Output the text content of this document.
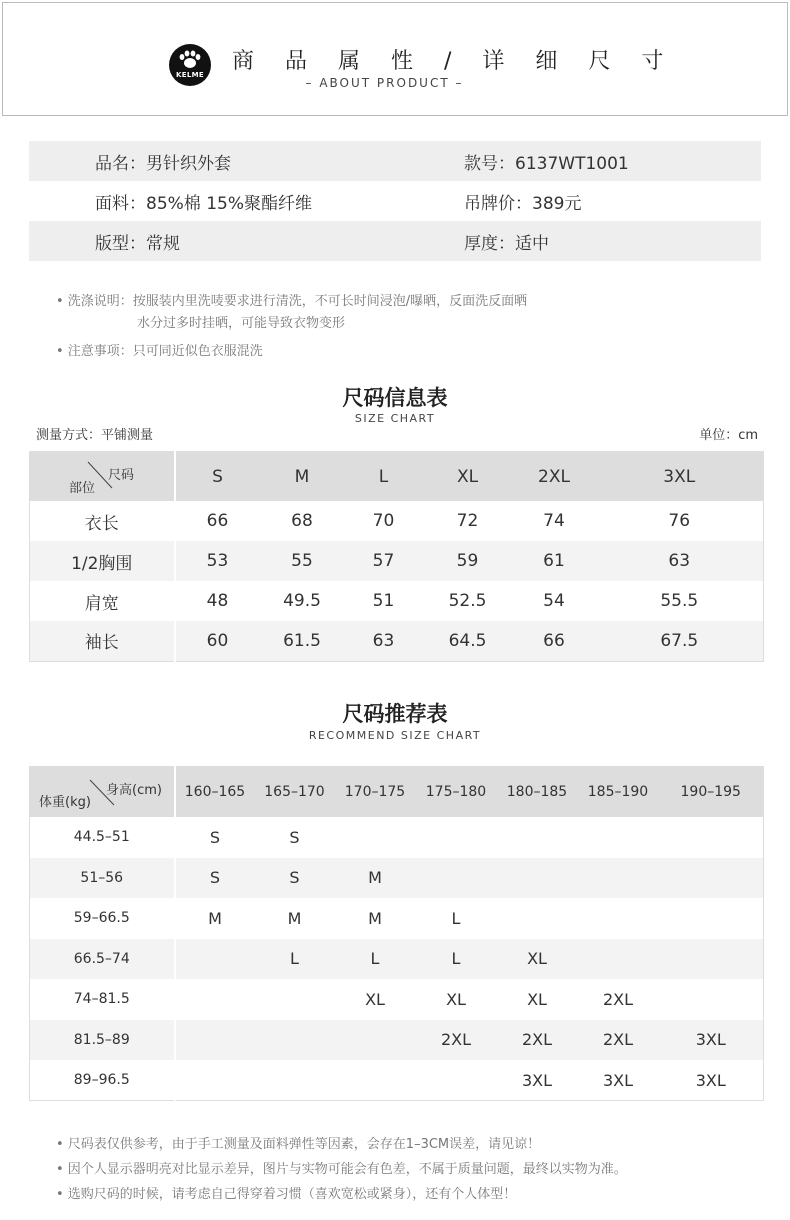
KELME
商 品 属 性 / 详 细 尺 寸
– ABOUT PRODUCT –
品名：男针织外套	款号：6137WT1001
面料：85%棉 15%聚酯纤维	吊牌价：389元
版型：常规	厚度：适中
• 洗涤说明：按服装内里洗唛要求进行清洗，不可长时间浸泡/曝晒，反面洗反面晒
水分过多时挂晒，可能导致衣物变形
• 注意事项：只可同近似色衣服混洗
尺码信息表
SIZE CHART
测量方式：平铺测量	单位：cm
尺码
部位	S	M	L	XL	2XL	3XL
衣长	66	68	70	72	74	76
1/2胸围	53	55	57	59	61	63
肩宽	48	49.5	51	52.5	54	55.5
袖长	60	61.5	63	64.5	66	67.5
尺码推荐表
RECOMMEND SIZE CHART
身高(cm)
体重(kg)	160–165	165–170	170–175	175–180	180–185	185–190	190–195
44.5–51	S	S					
51–56	S	S	M				
59–66.5	M	M	M	L			
66.5–74		L	L	L	XL		
74–81.5			XL	XL	XL	2XL	
81.5–89				2XL	2XL	2XL	3XL
89–96.5					3XL	3XL	3XL
• 尺码表仅供参考，由于手工测量及面料弹性等因素，会存在1–3CM误差，请见谅！
• 因个人显示器明亮对比显示差异，图片与实物可能会有色差，不属于质量问题，最终以实物为准。
• 选购尺码的时候，请考虑自己得穿着习惯（喜欢宽松或紧身），还有个人体型！
